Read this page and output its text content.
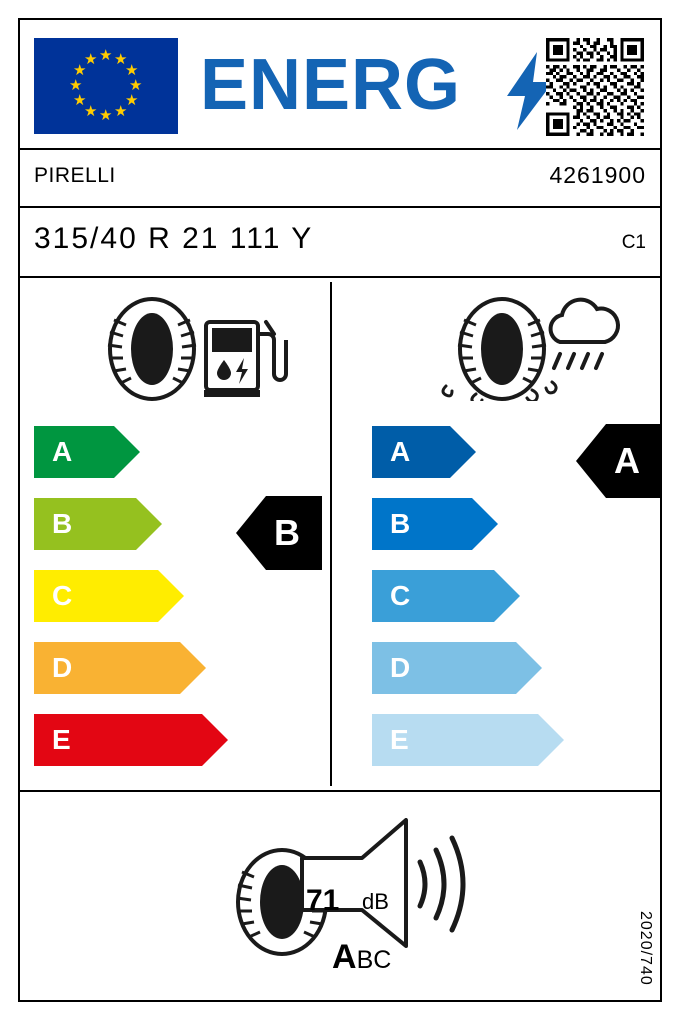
★ ★
★
★
★
★
★
★
★
★
★
★ ENERG
PIRELLI	4261900
315/40 R 21 111 Y	C1
A
B
C
D
E
B
A
B
C
D
E
A
71 dB
ABC	2020/740
